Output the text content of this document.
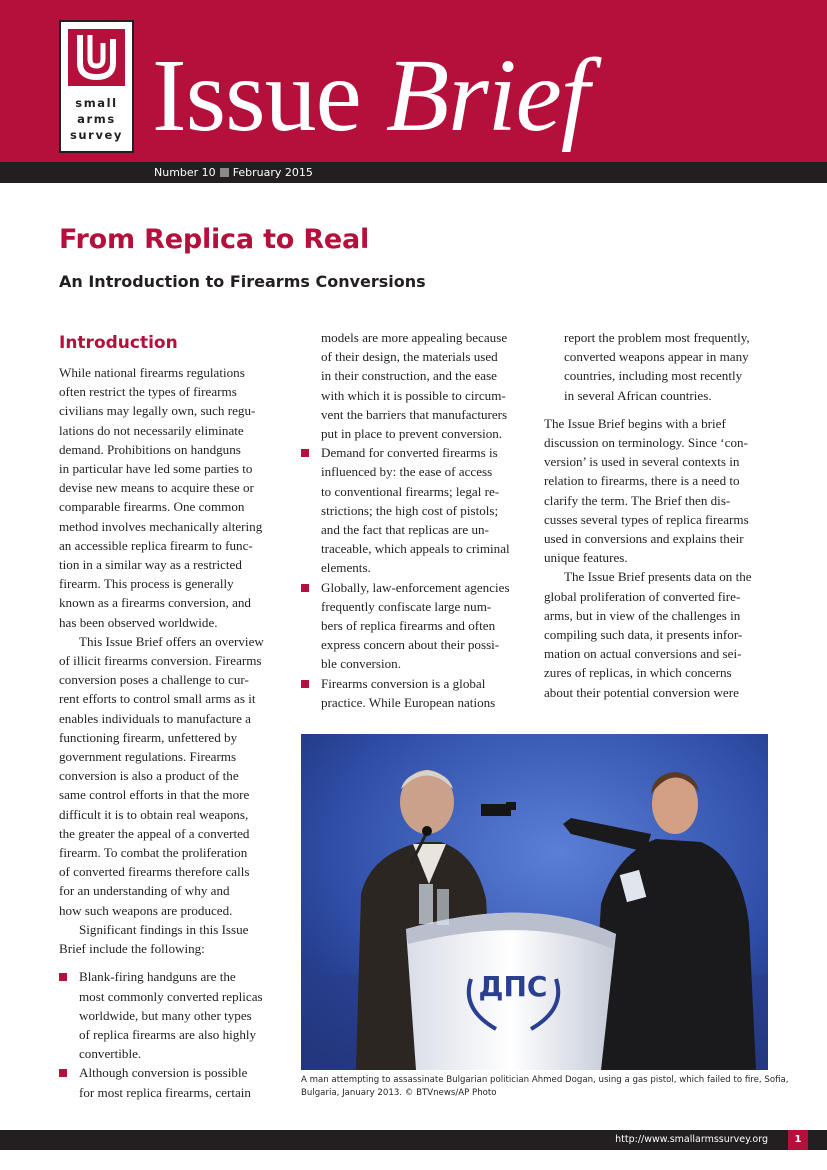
small
arms
survey Issue Brief
Number 10 February 2015
From Replica to Real
An Introduction to Firearms Conversions
Introduction

While national firearms regulations

often restrict the types of firearms

civilians may legally own, such regu-

lations do not necessarily eliminate

demand. Prohibitions on handguns

in particular have led some parties to

devise new means to acquire these or

comparable firearms. One common

method involves mechanically altering

an accessible replica firearm to func-

tion in a similar way as a restricted

firearm. This process is generally

known as a firearms conversion, and

has been observed worldwide.

This Issue Brief offers an overview

of illicit firearms conversion. Firearms

conversion poses a challenge to cur-

rent efforts to control small arms as it

enables individuals to manufacture a

functioning firearm, unfettered by

government regulations. Firearms

conversion is also a product of the

same control efforts in that the more

difficult it is to obtain real weapons,

the greater the appeal of a converted

firearm. To combat the proliferation

of converted firearms therefore calls

for an understanding of why and

how such weapons are produced.

Significant findings in this Issue

Brief include the following:

Blank-firing handguns are the

most commonly converted replicas

worldwide, but many other types

of replica firearms are also highly

convertible.

Although conversion is possible

for most replica firearms, certain

models are more appealing because

of their design, the materials used

in their construction, and the ease

with which it is possible to circum-

vent the barriers that manufacturers

put in place to prevent conversion.

Demand for converted firearms is

influenced by: the ease of access

to conventional firearms; legal re-

strictions; the high cost of pistols;

and the fact that replicas are un-

traceable, which appeals to criminal

elements.

Globally, law-enforcement agencies

frequently confiscate large num-

bers of replica firearms and often

express concern about their possi-

ble conversion.

Firearms conversion is a global

practice. While European nations

report the problem most frequently,

converted weapons appear in many

countries, including most recently

in several African countries.

The Issue Brief begins with a brief

discussion on terminology. Since ‘con-

version’ is used in several contexts in

relation to firearms, there is a need to

clarify the term. The Brief then dis-

cusses several types of replica firearms

used in conversions and explains their

unique features.

The Issue Brief presents data on the

global proliferation of converted fire-

arms, but in view of the challenges in

compiling such data, it presents infor-

mation on actual conversions and sei-

zures of replicas, in which concerns

about their potential conversion were

ДПС

A man attempting to assassinate Bulgarian politician Ahmed Dogan, using a gas pistol, which failed to fire, Sofia,

Bulgaria, January 2013. © BTVnews/AP Photo

http://www.smallarmssurvey.org	1
